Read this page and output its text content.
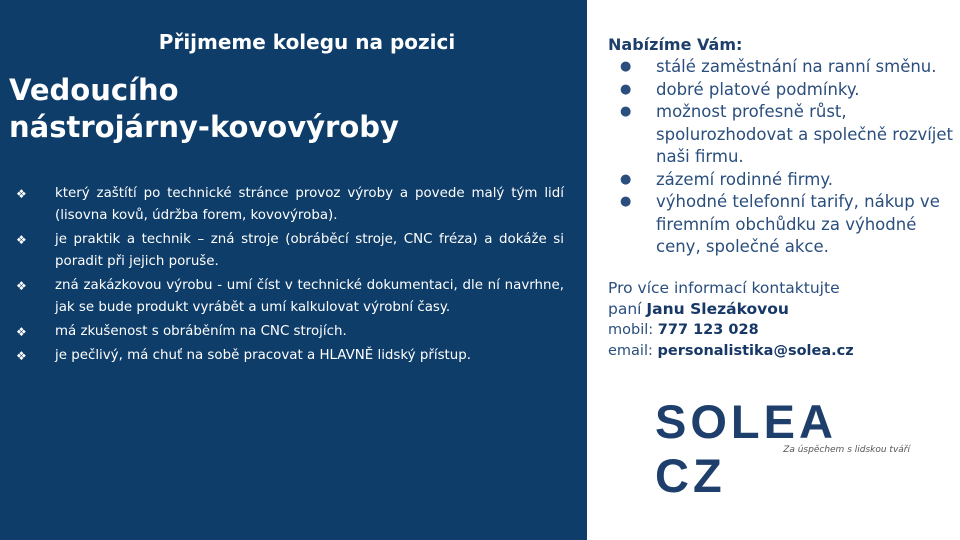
Přijmeme kolegu na pozici
Vedoucího
nástrojárny-kovovýroby
❖ který zaštítí po technické stránce provoz výroby a povede malý tým lidí (lisovna kovů, údržba forem, kovovýroba).
❖ je praktik a technik – zná stroje (obráběcí stroje, CNC fréza) a dokáže si poradit při jejich poruše.
❖ zná zakázkovou výrobu - umí číst v technické dokumentaci, dle ní navrhne, jak se bude produkt vyrábět a umí kalkulovat výrobní časy.
❖ má zkušenost s obráběním na CNC strojích.
❖ je pečlivý, má chuť na sobě pracovat a HLAVNĚ lidský přístup.
Nabízíme Vám:
● stálé zaměstnání na ranní směnu.
● dobré platové podmínky.
● možnost profesně růst, spolurozhodovat a společně rozvíjet naši firmu.
● zázemí rodinné firmy.
● výhodné telefonní tarify, nákup ve firemním obchůdku za výhodné ceny, společné akce.
Pro více informací kontaktujte
paní Janu Slezákovou
mobil: 777 123 028
email: personalistika@solea.cz
SOLEA CZ	Za úspěchem s lidskou tváří
